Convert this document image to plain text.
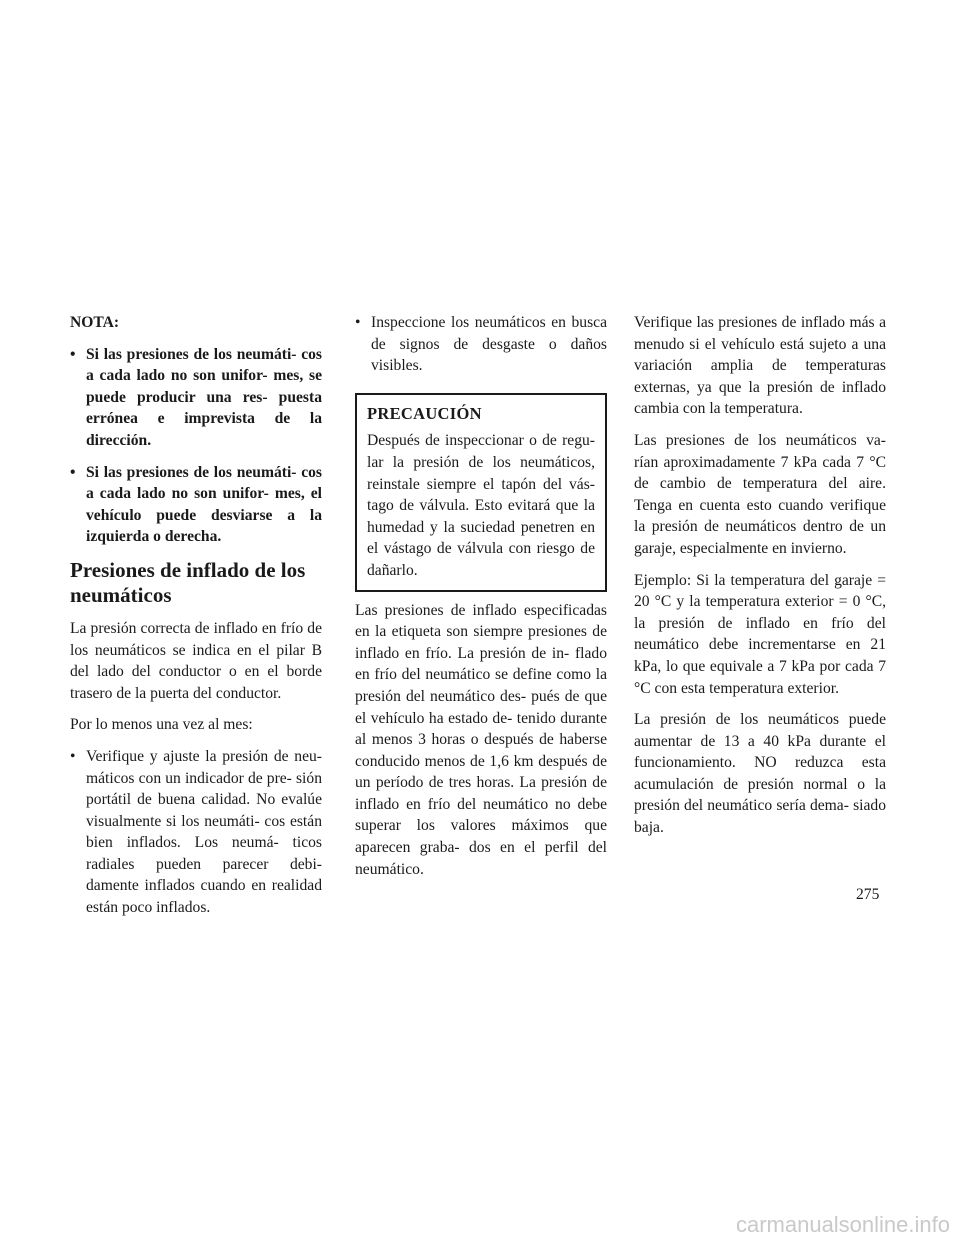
NOTA:

• Si las presiones de los neumáti- cos a cada lado no son unifor- mes, se puede producir una res- puesta errónea e imprevista de la dirección.
• Si las presiones de los neumáti- cos a cada lado no son unifor- mes, el vehículo puede desviarse a la izquierda o derecha.
Presiones de inflado de los neumáticos

La presión correcta de inflado en frío de los neumáticos se indica en el pilar B del lado del conductor o en el borde trasero de la puerta del conductor.

Por lo menos una vez al mes:

• Verifique y ajuste la presión de neu- máticos con un indicador de pre- sión portátil de buena calidad. No evalúe visualmente si los neumáti- cos están bien inflados. Los neumá- ticos radiales pueden parecer debi- damente inflados cuando en realidad están poco inflados.
• Inspeccione los neumáticos en busca de signos de desgaste o daños visibles.
PRECAUCIÓN

Después de inspeccionar o de regu- lar la presión de los neumáticos, reinstale siempre el tapón del vás- tago de válvula. Esto evitará que la humedad y la suciedad penetren en el vástago de válvula con riesgo de dañarlo.

Las presiones de inflado especificadas en la etiqueta son siempre presiones de inflado en frío. La presión de in- flado en frío del neumático se define como la presión del neumático des- pués de que el vehículo ha estado de- tenido durante al menos 3 horas o después de haberse conducido menos de 1,6 km después de un período de tres horas. La presión de inflado en frío del neumático no debe superar los valores máximos que aparecen graba- dos en el perfil del neumático.

Verifique las presiones de inflado más a menudo si el vehículo está sujeto a una variación amplia de temperaturas externas, ya que la presión de inflado cambia con la temperatura.

Las presiones de los neumáticos va- rían aproximadamente 7 kPa cada 7 °C de cambio de temperatura del aire. Tenga en cuenta esto cuando verifique la presión de neumáticos dentro de un garaje, especialmente en invierno.

Ejemplo: Si la temperatura del garaje = 20 °C y la temperatura exterior = 0 °C, la presión de inflado en frío del neumático debe incrementarse en 21 kPa, lo que equivale a 7 kPa por cada 7 °C con esta temperatura exterior.

La presión de los neumáticos puede aumentar de 13 a 40 kPa durante el funcionamiento. NO reduzca esta acumulación de presión normal o la presión del neumático sería dema- siado baja.

275
carmanualsonline.info
